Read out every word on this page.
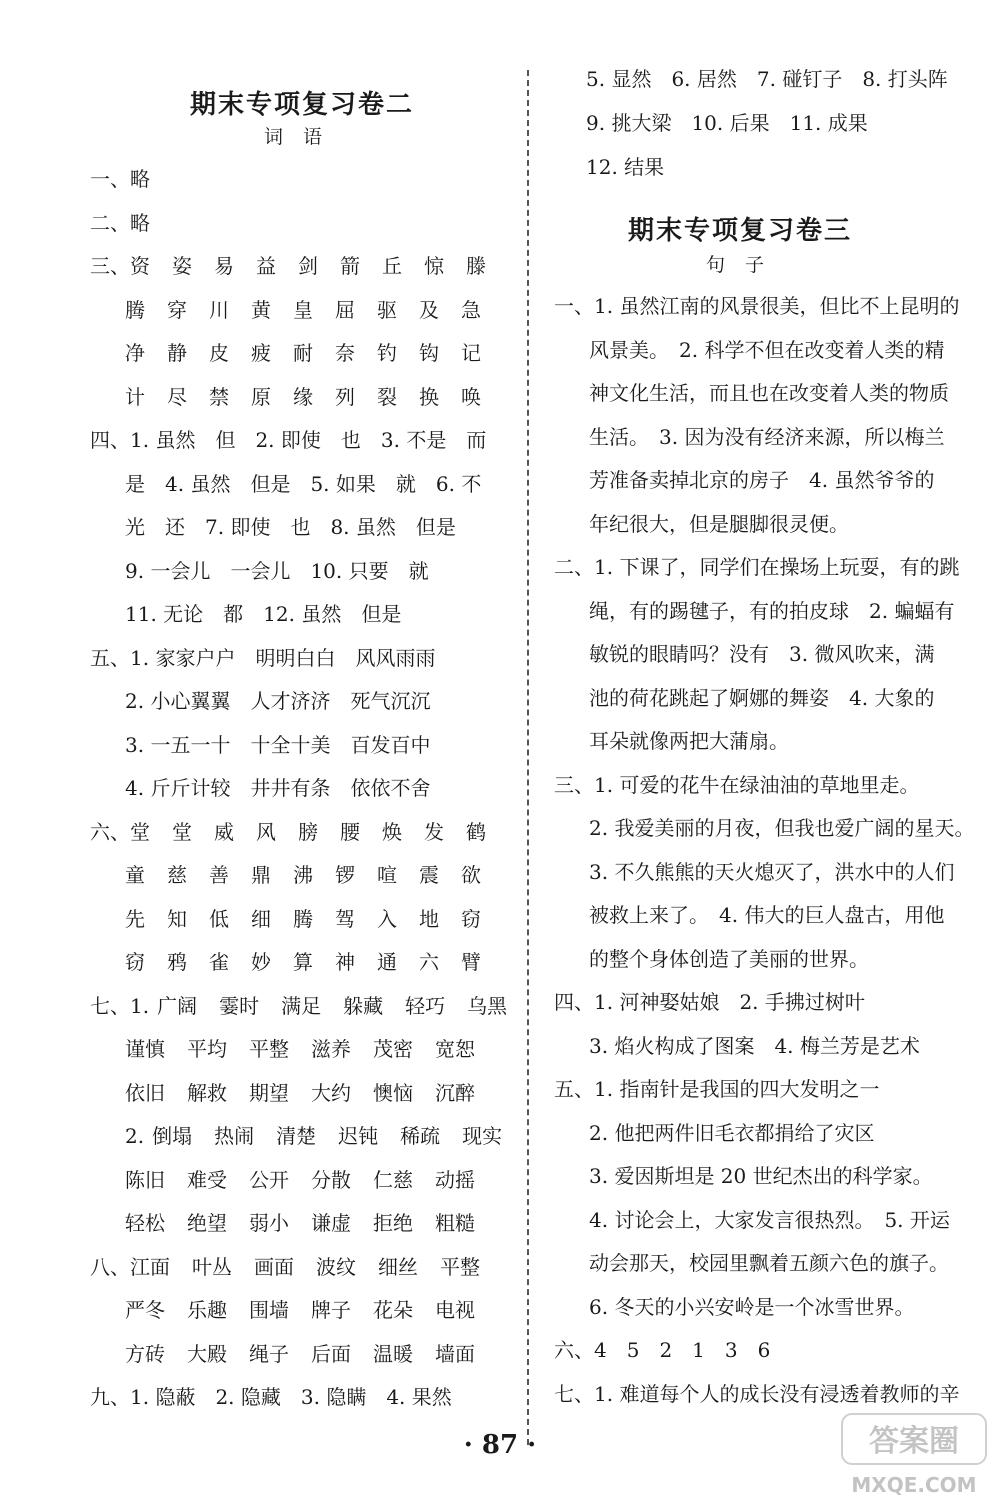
期末专项复习卷二
词语
一、略
二、略
三、资 姿 易 益 剑 箭 丘 惊 滕
腾 穿 川 黄 皇 屈 驱 及 急
净 静 皮 疲 耐 奈 钓 钩 记
计 尽 禁 原 缘 列 裂 换 唤
四、1. 虽然　但　2. 即使　也　3. 不是　而
是　4. 虽然　但是　5. 如果　就　6. 不
光　还　7. 即使　也　8. 虽然　但是
9. 一会儿　一会儿　10. 只要　就
11. 无论　都　12. 虽然　但是
五、1. 家家户户　明明白白　风风雨雨
2. 小心翼翼　人才济济　死气沉沉
3. 一五一十　十全十美　百发百中
4. 斤斤计较　井井有条　依依不舍
六、堂 堂 威 风 膀 腰 焕 发 鹤
童 慈 善 鼎 沸 锣 喧 震 欲
先 知 低 细 腾 驾 入 地 窃
窃 鸦 雀 妙 算 神 通 六 臂
七、1. 广阔 霎时 满足 躲藏 轻巧 乌黑
谨慎 平均 平整 滋养 茂密 宽恕
依旧 解救 期望 大约 懊恼 沉醉
2. 倒塌 热闹 清楚 迟钝 稀疏 现实
陈旧 难受 公开 分散 仁慈 动摇
轻松 绝望 弱小 谦虚 拒绝 粗糙
八、江面 叶丛 画面 波纹 细丝 平整
严冬 乐趣 围墙 牌子 花朵 电视
方砖 大殿 绳子 后面 温暖 墙面
九、1. 隐蔽　2. 隐藏　3. 隐瞒　4. 果然
5. 显然　6. 居然　7. 碰钉子　8. 打头阵
9. 挑大梁　10. 后果　11. 成果
12. 结果
期末专项复习卷三
句子
一、1. 虽然江南的风景很美，但比不上昆明的
风景美。　2. 科学不但在改变着人类的精
神文化生活，而且也在改变着人类的物质
生活。　3. 因为没有经济来源，所以梅兰
芳准备卖掉北京的房子　4. 虽然爷爷的
年纪很大，但是腿脚很灵便。
二、1. 下课了，同学们在操场上玩耍，有的跳
绳，有的踢毽子，有的拍皮球　2. 蝙蝠有
敏锐的眼睛吗？没有　3. 微风吹来，满
池的荷花跳起了婀娜的舞姿　4. 大象的
耳朵就像两把大蒲扇。
三、1. 可爱的花牛在绿油油的草地里走。
2. 我爱美丽的月夜，但我也爱广阔的星天。
3. 不久熊熊的天火熄灭了，洪水中的人们
被救上来了。　4. 伟大的巨人盘古，用他
的整个身体创造了美丽的世界。
四、1. 河神娶姑娘　2. 手拂过树叶
3. 焰火构成了图案　4. 梅兰芳是艺术
五、1. 指南针是我国的四大发明之一
2. 他把两件旧毛衣都捐给了灾区
3. 爱因斯坦是 20 世纪杰出的科学家。
4. 讨论会上，大家发言很热烈。　5. 开运
动会那天，校园里飘着五颜六色的旗子。
6. 冬天的小兴安岭是一个冰雪世界。
六、4　5　2　1　3　6
七、1. 难道每个人的成长没有浸透着教师的辛
· 87 ·	答案圈
MXQE.COM
